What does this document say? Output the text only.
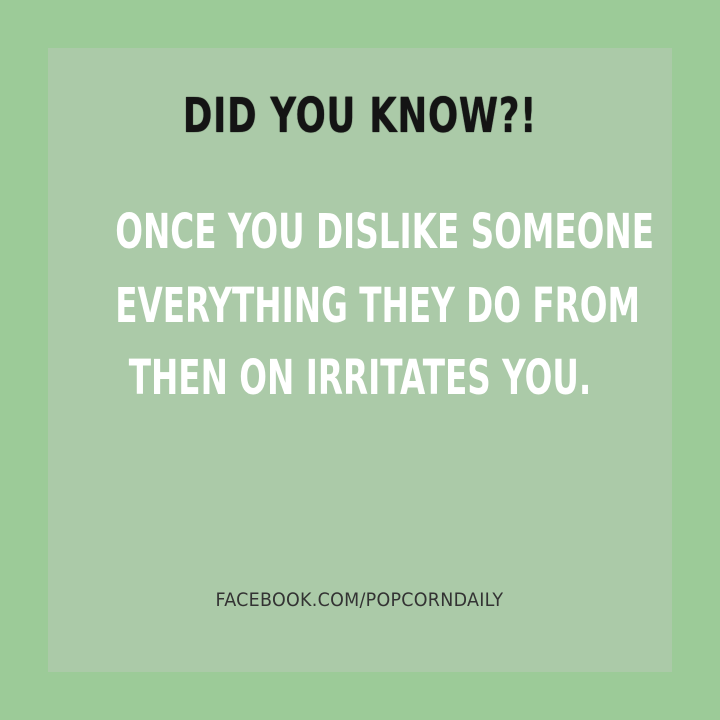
DID YOU KNOW?!
ONCE YOU DISLIKE SOMEONE
EVERYTHING THEY DO FROM
THEN ON IRRITATES YOU.
FACEBOOK.COM/POPCORNDAILY
